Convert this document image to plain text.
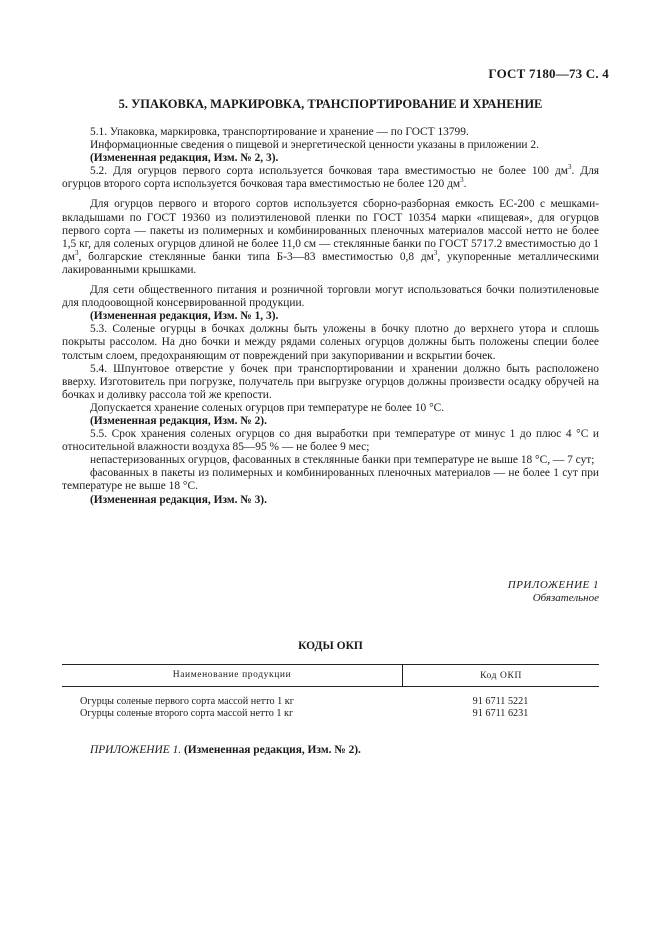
ГОСТ 7180—73 С. 4
5. УПАКОВКА, МАРКИРОВКА, ТРАНСПОРТИРОВАНИЕ И ХРАНЕНИЕ

5.1. Упаковка, маркировка, транспортирование и хранение — по ГОСТ 13799.

Информационные сведения о пищевой и энергетической ценности указаны в приложении 2.

(Измененная редакция, Изм. № 2, 3).

5.2. Для огурцов первого сорта используется бочковая тара вместимостью не более 100 $дм^3$. Для огурцов второго сорта используется бочковая тара вместимостью не более 120 $дм^3$.

Для огурцов первого и второго сортов используется сборно-разборная емкость ЕС-200 с мешками-вкладышами по ГОСТ 19360 из полиэтиленовой пленки по ГОСТ 10354 марки «пищевая», для огурцов первого сорта — пакеты из полимерных и комбинированных пленочных материалов массой нетто не более 1,5 кг, для соленых огурцов длиной не более 11,0 см — стеклянные банки по ГОСТ 5717.2 вместимостью до 1 $дм^3$, болгарские стеклянные банки типа Б-3—83 вместимостью 0,8 $дм^3$, укупоренные металлическими лакированными крышками.

Для сети общественного питания и розничной торговли могут использоваться бочки полиэтиленовые для плодоовощной консервированной продукции.

(Измененная редакция, Изм. № 1, 3).

5.3. Соленые огурцы в бочках должны быть уложены в бочку плотно до верхнего утора и сплошь покрыты рассолом. На дно бочки и между рядами соленых огурцов должны быть положены специи более толстым слоем, предохраняющим от повреждений при закупоривании и вскрытии бочек.

5.4. Шпунтовое отверстие у бочек при транспортировании и хранении должно быть расположено вверху. Изготовитель при погрузке, получатель при выгрузке огурцов должны произвести осадку обручей на бочках и доливку рассола той же крепости.

Допускается хранение соленых огурцов при температуре не более 10 °С.

(Измененная редакция, Изм. № 2).

5.5. Срок хранения соленых огурцов со дня выработки при температуре от минус 1 до плюс 4 °С и относительной влажности воздуха 85—95 % — не более 9 мес;

непастеризованных огурцов, фасованных в стеклянные банки при температуре не выше 18 °С, — 7 сут;

фасованных в пакеты из полимерных и комбинированных пленочных материалов — не более 1 сут при температуре не выше 18 °С.

(Измененная редакция, Изм. № 3).

ПРИЛОЖЕНИЕ 1
Обязательное
КОДЫ ОКП
Наименование продукции	Код ОКП
Огурцы соленые первого сорта массой нетто 1 кг	91 6711 5221
Огурцы соленые второго сорта массой нетто 1 кг	91 6711 6231
ПРИЛОЖЕНИЕ 1. (Измененная редакция, Изм. № 2).
